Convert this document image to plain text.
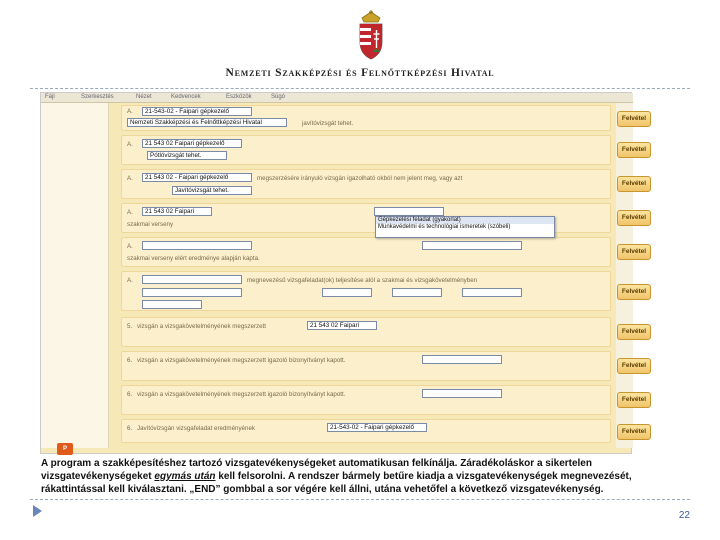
Nemzeti Szakképzési és Felnőttképzési Hivatal
Fájl	Szerkesztés	Nézet	Kedvencek	Eszközök	Súgó
A.	21-543-02 - Faipari gépkezelő
Nemzeti Szakképzési és Felnőttképzési Hivatal	javítóvizsgát tehet.
Felvétel
A.	21 543 02 Faipari gépkezelő
Pótlóvizsgát tehet.
Felvétel
A.	21 543 02 - Faipari gépkezelő	megszerzésére irányuló vizsgán igazolható okból nem jelent meg, vagy azt
Javítóvizsgát tehet.
Felvétel
A.	21 543 02 Faipari
szakmai verseny
Felvétel
A.
szakmai verseny elért eredménye alapján kapta.
Felvétel
A.	megnevezésű vizsgafeladat(ok) teljesítése alól a szakmai és vizsgakövetelményben
Felvétel
5. vizsgán a vizsgakövetelményének megszerzett	21 543 02 Faipari
Felvétel
6. vizsgán a vizsgakövetelményének megszerzett igazoló bizonyítványt kapott.
Felvétel
6. vizsgán a vizsgakövetelményének megszerzett igazoló bizonyítványt kapott.
Felvétel
6. Javítóvizsgán vizsgafeladat eredményének	21-543-02 - Faipari gépkezelő
Felvétel
Gépkezelési feladat (gyakorlat)
Munkavédelmi és technológiai ismeretek (szóbeli)
P
A program a szakképesítéshez tartozó vizsgatevékenységeket automatikusan felkínálja. Záradékoláskor a sikertelen vizsgatevékenységeket egymás után kell felsorolni. A rendszer bármely betűre kiadja a vizsgatevékenységek megnevezését, rákattintással kell kiválasztani. „END” gombbal a sor végére kell állni, utána vehetőfel a következő vizsgatevékenység.
22
